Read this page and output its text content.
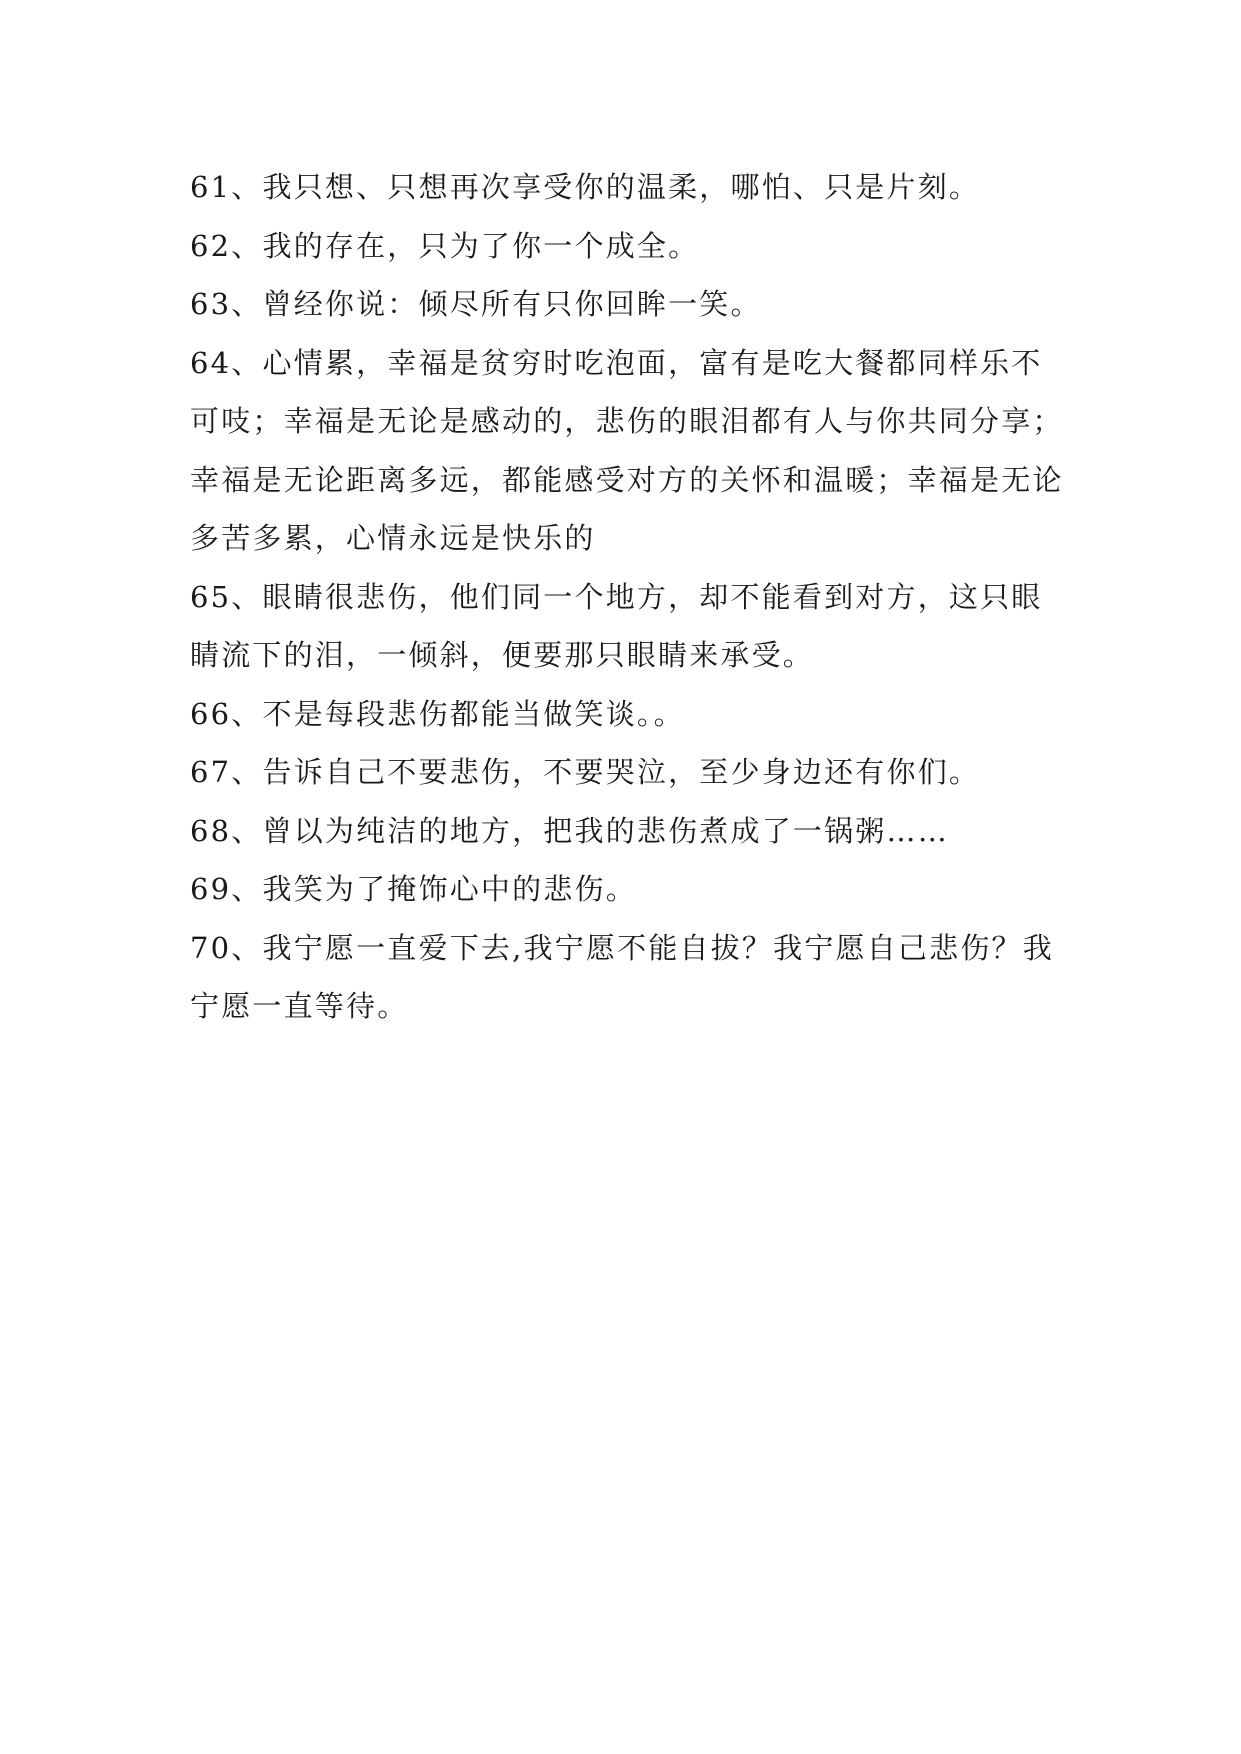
61、我只想、只想再次享受你的温柔，哪怕、只是片刻。

62、我的存在，只为了你一个成全。

63、曾经你说：倾尽所有只你回眸一笑。

64、心情累，幸福是贫穷时吃泡面，富有是吃大餐都同样乐不可吱；幸福是无论是感动的，悲伤的眼泪都有人与你共同分享；幸福是无论距离多远，都能感受对方的关怀和温暖；幸福是无论多苦多累，心情永远是快乐的

65、眼睛很悲伤，他们同一个地方，却不能看到对方，这只眼睛流下的泪，一倾斜，便要那只眼睛来承受。

66、不是每段悲伤都能当做笑谈。。

67、告诉自己不要悲伤，不要哭泣，至少身边还有你们。

68、曾以为纯洁的地方，把我的悲伤煮成了一锅粥……

69、我笑为了掩饰心中的悲伤。

70、我宁愿一直爱下去,我宁愿不能自拔？我宁愿自己悲伤？我宁愿一直等待。
